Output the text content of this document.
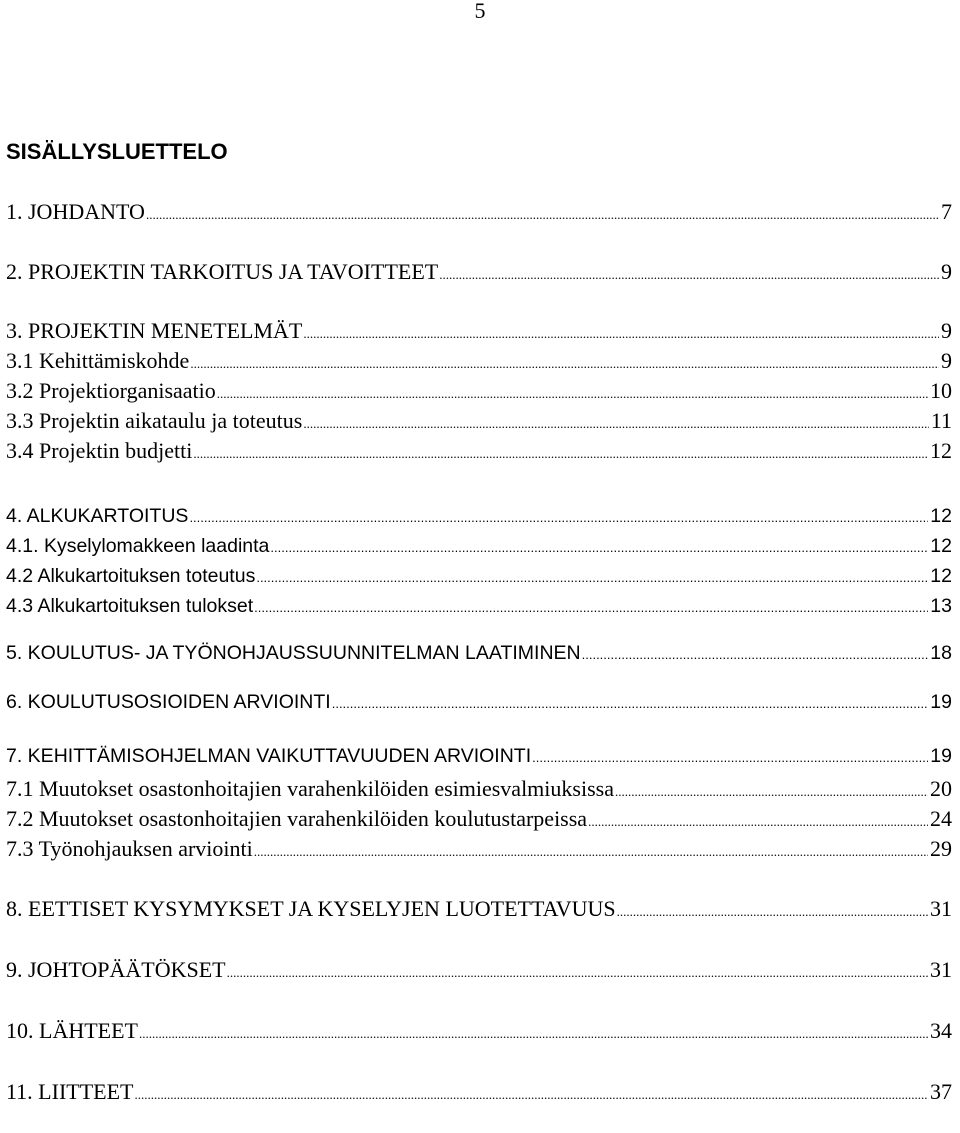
5
SISÄLLYSLUETTELO
1. JOHDANTO .....	7
2. PROJEKTIN TARKOITUS JA TAVOITTEET .....	9
3. PROJEKTIN MENETELMÄT .....	9
3.1 Kehittämiskohde .....	9
3.2 Projektiorganisaatio .....	10
3.3 Projektin aikataulu ja toteutus .....	11
3.4 Projektin budjetti .....	12
4. ALKUKARTOITUS .....	12
4.1. Kyselylomakkeen laadinta .....	12
4.2 Alkukartoituksen toteutus .....	12
4.3 Alkukartoituksen tulokset .....	13
5. KOULUTUS- JA TYÖNOHJAUSSUUNNITELMAN LAATIMINEN .....	18
6. KOULUTUSOSIOIDEN ARVIOINTI .....	19
7. KEHITTÄMISOHJELMAN VAIKUTTAVUUDEN ARVIOINTI .....	19
7.1 Muutokset osastonhoitajien varahenkilöiden esimiesvalmiuksissa .....	20
7.2 Muutokset osastonhoitajien varahenkilöiden koulutustarpeissa .....	24
7.3 Työnohjauksen arviointi .....	29
8. EETTISET KYSYMYKSET JA KYSELYJEN LUOTETTAVUUS .....	31
9. JOHTOPÄÄTÖKSET .....	31
10. LÄHTEET .....	34
11. LIITTEET .....	37
